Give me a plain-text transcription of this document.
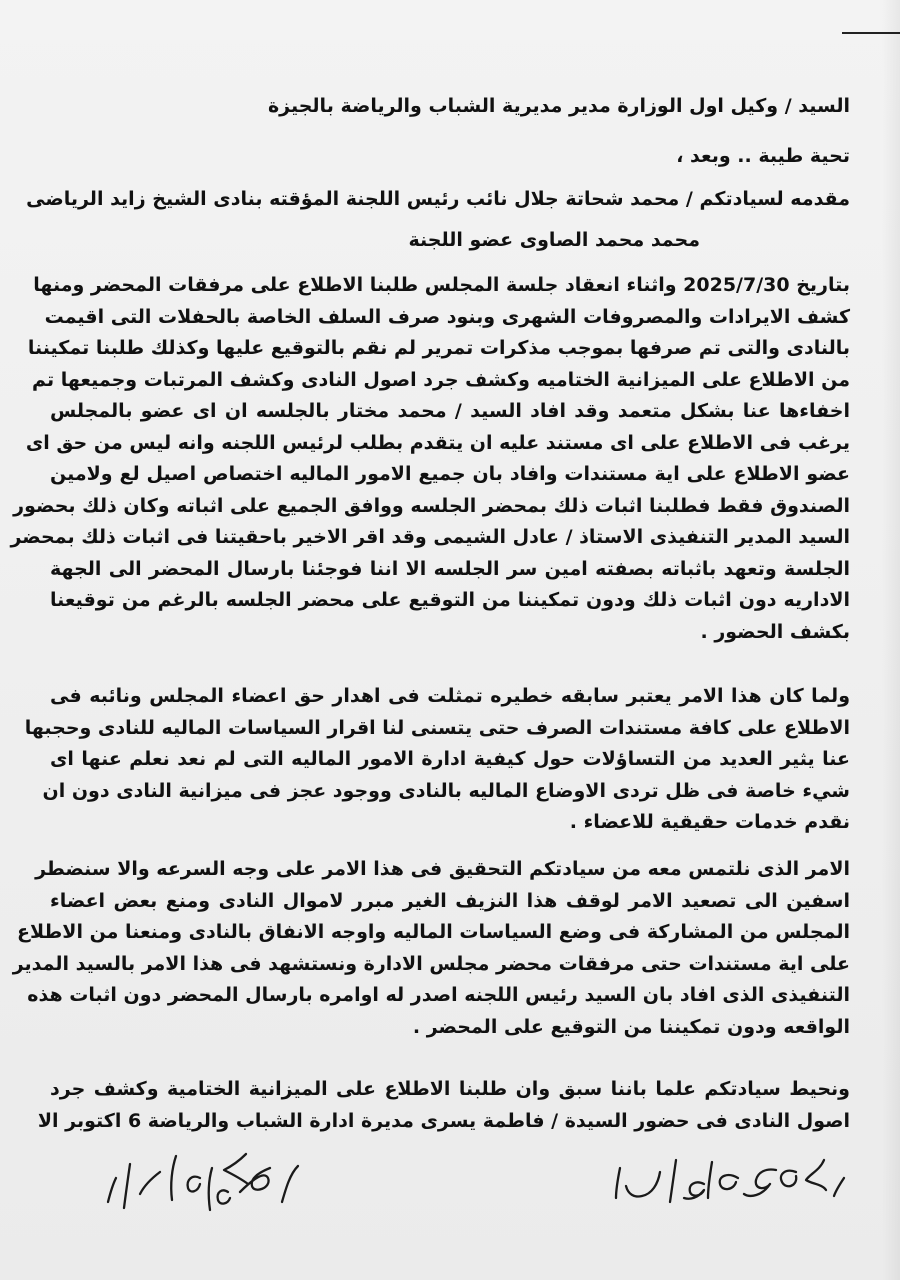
السيد / وكيل اول الوزارة مدير مديرية الشباب والرياضة بالجيزة

تحية طيبة .. وبعد ،

مقدمه لسيادتكم / محمد شحاتة جلال نائب رئيس اللجنة المؤقته بنادى الشيخ زايد الرياضى

محمد محمد الصاوى عضو اللجنة

بتاريخ 2025/7/30 واثناء انعقاد جلسة المجلس طلبنا الاطلاع على مرفقات المحضر ومنها

كشف الايرادات والمصروفات الشهرى وبنود صرف السلف الخاصة بالحفلات التى اقيمت

بالنادى والتى تم صرفها بموجب مذكرات تمرير لم نقم بالتوقيع عليها وكذلك طلبنا تمكيننا

من الاطلاع على الميزانية الختاميه وكشف جرد اصول النادى وكشف المرتبات وجميعها تم

اخفاءها عنا بشكل متعمد وقد افاد السيد / محمد مختار بالجلسه ان اى عضو بالمجلس

يرغب فى الاطلاع على اى مستند عليه ان يتقدم بطلب لرئيس اللجنه وانه ليس من حق اى

عضو الاطلاع على اية مستندات وافاد بان جميع الامور الماليه اختصاص اصيل لع ولامين

الصندوق فقط فطلبنا اثبات ذلك بمحضر الجلسه ووافق الجميع على اثباته وكان ذلك بحضور

السيد المدير التنفيذى الاستاذ / عادل الشيمى وقد اقر الاخير باحقيتنا فى اثبات ذلك بمحضر

الجلسة وتعهد باثباته بصفته امين سر الجلسه الا اننا فوجئنا بارسال المحضر الى الجهة

الاداريه دون اثبات ذلك ودون تمكيننا من التوقيع على محضر الجلسه بالرغم من توقيعنا

بكشف الحضور .

ولما كان هذا الامر يعتبر سابقه خطيره تمثلت فى اهدار حق اعضاء المجلس ونائبه فى

الاطلاع على كافة مستندات الصرف حتى يتسنى لنا اقرار السياسات الماليه للنادى وحجبها

عنا يثير العديد من التساؤلات حول كيفية ادارة الامور الماليه التى لم نعد نعلم عنها اى

شيء خاصة فى ظل تردى الاوضاع الماليه بالنادى ووجود عجز فى ميزانية النادى دون ان

نقدم خدمات حقيقية للاعضاء .

الامر الذى نلتمس معه من سيادتكم التحقيق فى هذا الامر على وجه السرعه والا سنضطر

اسفين الى تصعيد الامر لوقف هذا النزيف الغير مبرر لاموال النادى ومنع بعض اعضاء

المجلس من المشاركة فى وضع السياسات الماليه واوجه الانفاق بالنادى ومنعنا من الاطلاع

على اية مستندات حتى مرفقات محضر مجلس الادارة ونستشهد فى هذا الامر بالسيد المدير

التنفيذى الذى افاد بان السيد رئيس اللجنه اصدر له اوامره بارسال المحضر دون اثبات هذه

الواقعه ودون تمكيننا من التوقيع على المحضر .

ونحيط سيادتكم علما باننا سبق وان طلبنا الاطلاع على الميزانية الختامية وكشف جرد

اصول النادى فى حضور السيدة / فاطمة يسرى مديرة ادارة الشباب والرياضة 6 اكتوبر الا
